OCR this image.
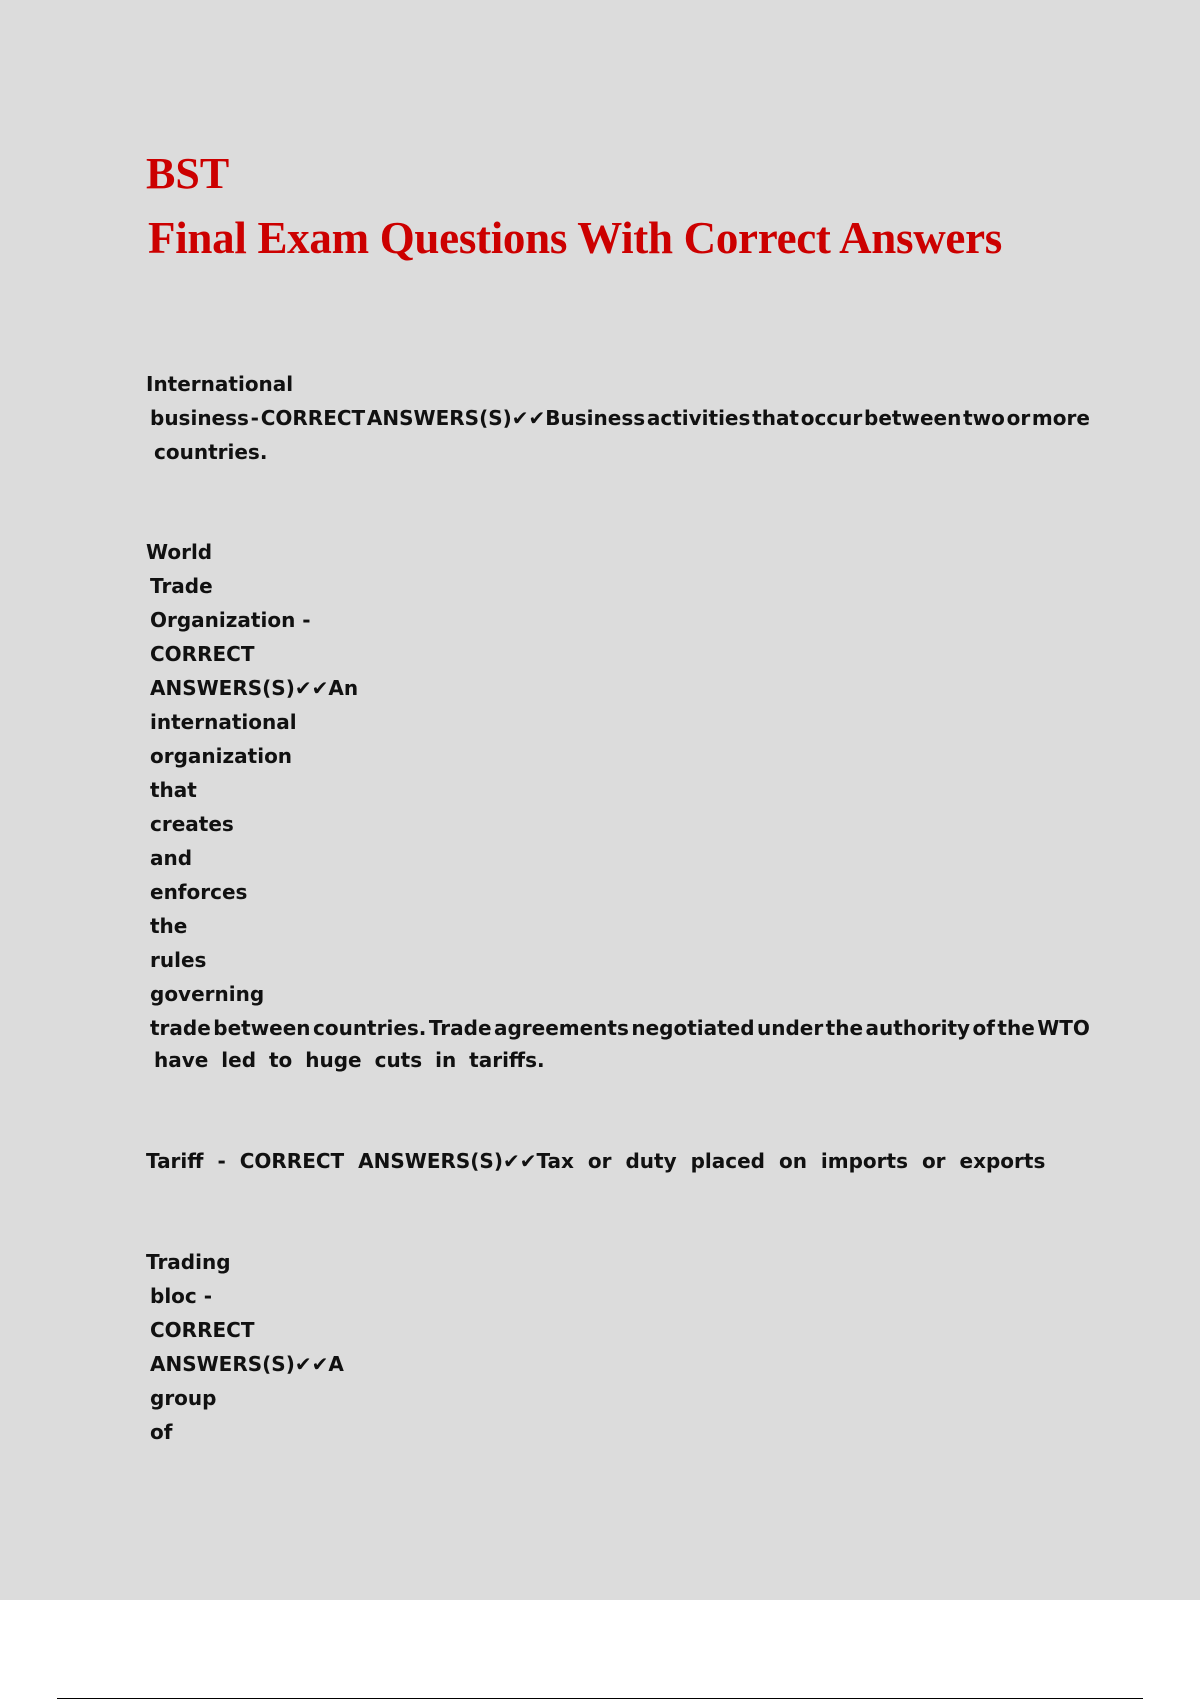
BST
Final Exam Questions With Correct Answers
International
business - CORRECT ANSWERS(S)✔✔Business activities that occur between two or more
countries.
World
Trade
Organization -
CORRECT
ANSWERS(S)✔✔An
international
organization
that
creates
and
enforces
the
rules
governing
trade between countries. Trade agreements negotiated under the authority of the WTO
have led to huge cuts in tariffs.
Tariff - CORRECT ANSWERS(S)✔✔Tax or duty placed on imports or exports
Trading
bloc -
CORRECT
ANSWERS(S)✔✔A
group
of
